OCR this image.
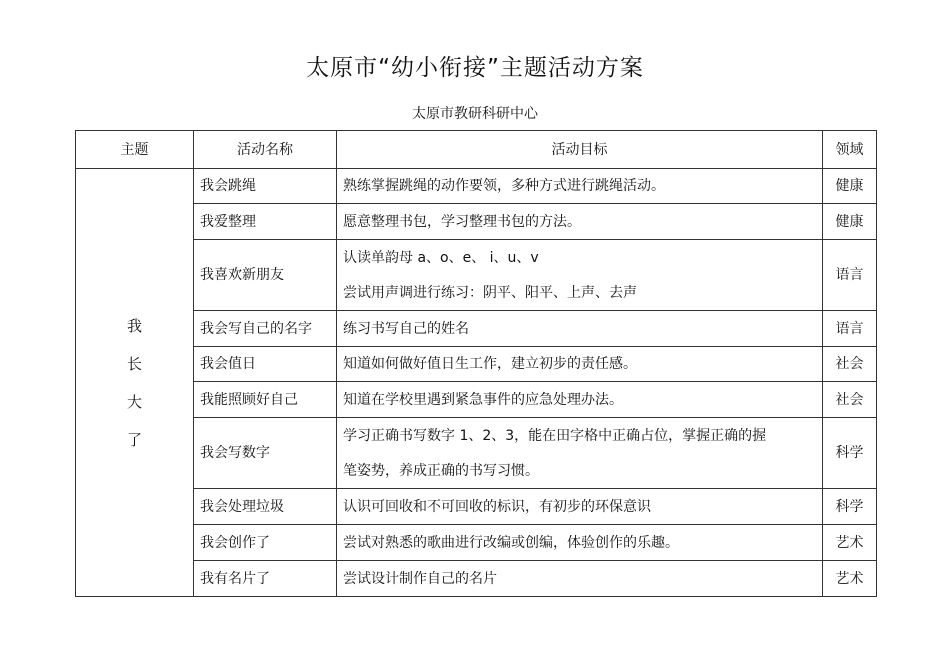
太原市“幼小衔接”主题活动方案
太原市教研科研中心
主题	活动名称	活动目标	领域

我
长
大
了	我会跳绳	熟练掌握跳绳的动作要领，多种方式进行跳绳活动。	健康
	我爱整理	愿意整理书包，学习整理书包的方法。	健康
	我喜欢新朋友	认读单韵母 a、o、e、 i、u、v
尝试用声调进行练习：阴平、阳平、上声、去声	语言
	我会写自己的名字	练习书写自己的姓名	语言
	我会值日	知道如何做好值日生工作，建立初步的责任感。	社会
	我能照顾好自己	知道在学校里遇到紧急事件的应急处理办法。	社会
	我会写数字	学习正确书写数字 1、2、3，能在田字格中正确占位，掌握正确的握
笔姿势，养成正确的书写习惯。	科学
	我会处理垃圾	认识可回收和不可回收的标识，有初步的环保意识	科学
	我会创作了	尝试对熟悉的歌曲进行改编或创编，体验创作的乐趣。	艺术
	我有名片了	尝试设计制作自己的名片	艺术
